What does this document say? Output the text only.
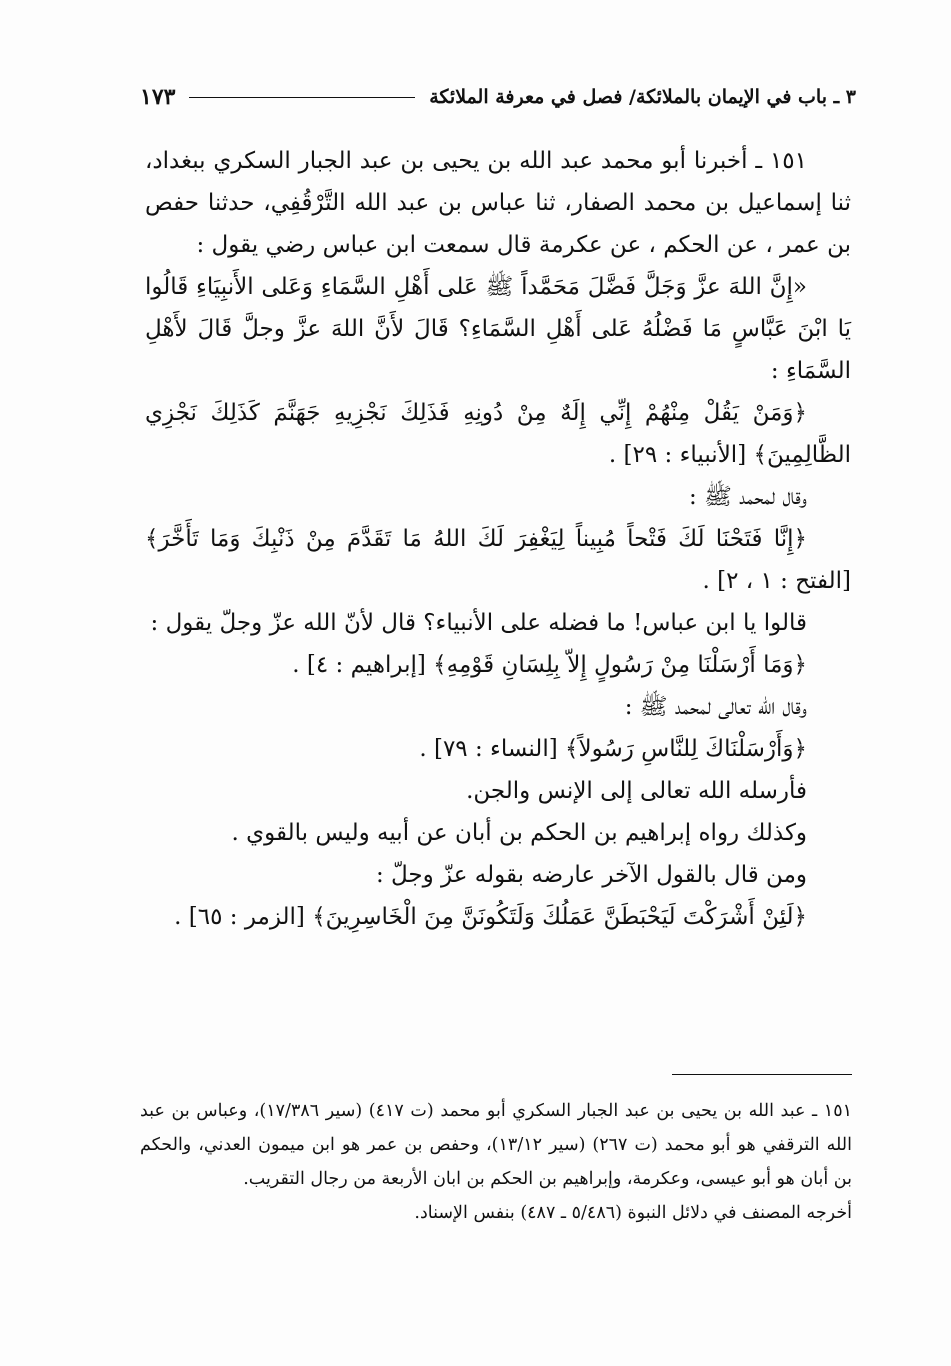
٣ ـ باب في الإيمان بالملائكة/ فصل في معرفة الملائكة
١٧٣

١٥١ ـ أخبرنا أبو محمد عبد الله بن يحيى بن عبد الجبار السكري ببغداد، ثنا إسماعيل بن محمد الصفار، ثنا عباس بن عبد الله التَّرْقُفِي، حدثنا حفص بن عمر ، عن الحكم ، عن عكرمة قال سمعت ابن عباس رضي يقول :

«إِنَّ اللهَ عزَّ وَجَلَّ فَضَّلَ مَحَمَّداً ﷺ عَلى أَهْلِ السَّمَاءِ وَعَلى الأَنبِيَاءِ قَالُوا يَا ابْنَ عَبَّاسٍ مَا فَضْلُهُ عَلى أَهْلِ السَّمَاءِ؟ قَالَ لأَنَّ اللهَ عزَّ وجلَّ قَالَ لأَهْلِ السَّمَاءِ :

﴿وَمَنْ يَقُلْ مِنْهُمْ إِنِّي إِلَهٌ مِنْ دُونِهِ فَذَلِكَ نَجْزِيهِ جَهَنَّمَ كَذَلِكَ نَجْزِي الظَّالِمِينَ﴾ [الأنبياء : ٢٩] .

وقال لمحمد ﷺ :

﴿إِنَّا فَتَحْنَا لَكَ فَتْحاً مُبِيناً لِيَغْفِرَ لَكَ اللهُ مَا تَقَدَّمَ مِنْ ذَنْبِكَ وَمَا تَأَخَّرَ﴾ [الفتح : ١ ، ٢] .

قالوا يا ابن عباس! ما فضله على الأنبياء؟ قال لأنّ الله عزّ وجلّ يقول :

﴿وَمَا أَرْسَلْنَا مِنْ رَسُولٍ إِلاّ بِلِسَانِ قَوْمِهِ﴾ [إبراهيم : ٤] .

وقال الله تعالى لمحمد ﷺ :

﴿وَأَرْسَلْنَاكَ لِلنَّاسِ رَسُولاً﴾ [النساء : ٧٩] .

فأرسله الله تعالى إلى الإنس والجن.

وكذلك رواه إبراهيم بن الحكم بن أبان عن أبيه وليس بالقوي .

ومن قال بالقول الآخر عارضه بقوله عزّ وجلّ :

﴿لَئِنْ أَشْرَكْتَ لَيَحْبَطَنَّ عَمَلُكَ وَلَتَكُونَنَّ مِنَ الْخَاسِرِينَ﴾ [الزمر : ٦٥] .

١٥١ ـ عبد الله بن يحيى بن عبد الجبار السكري أبو محمد (ت ٤١٧) (سير ١٧/٣٨٦)، وعباس بن عبد الله الترقفي هو أبو محمد (ت ٢٦٧) (سير ١٣/١٢)، وحفص بن عمر هو ابن ميمون العدني، والحكم بن أبان هو أبو عيسى، وعكرمة، وإبراهيم بن الحكم بن ابان الأربعة من رجال التقريب.

أخرجه المصنف في دلائل النبوة (٥/٤٨٦ ـ ٤٨٧) بنفس الإسناد.
